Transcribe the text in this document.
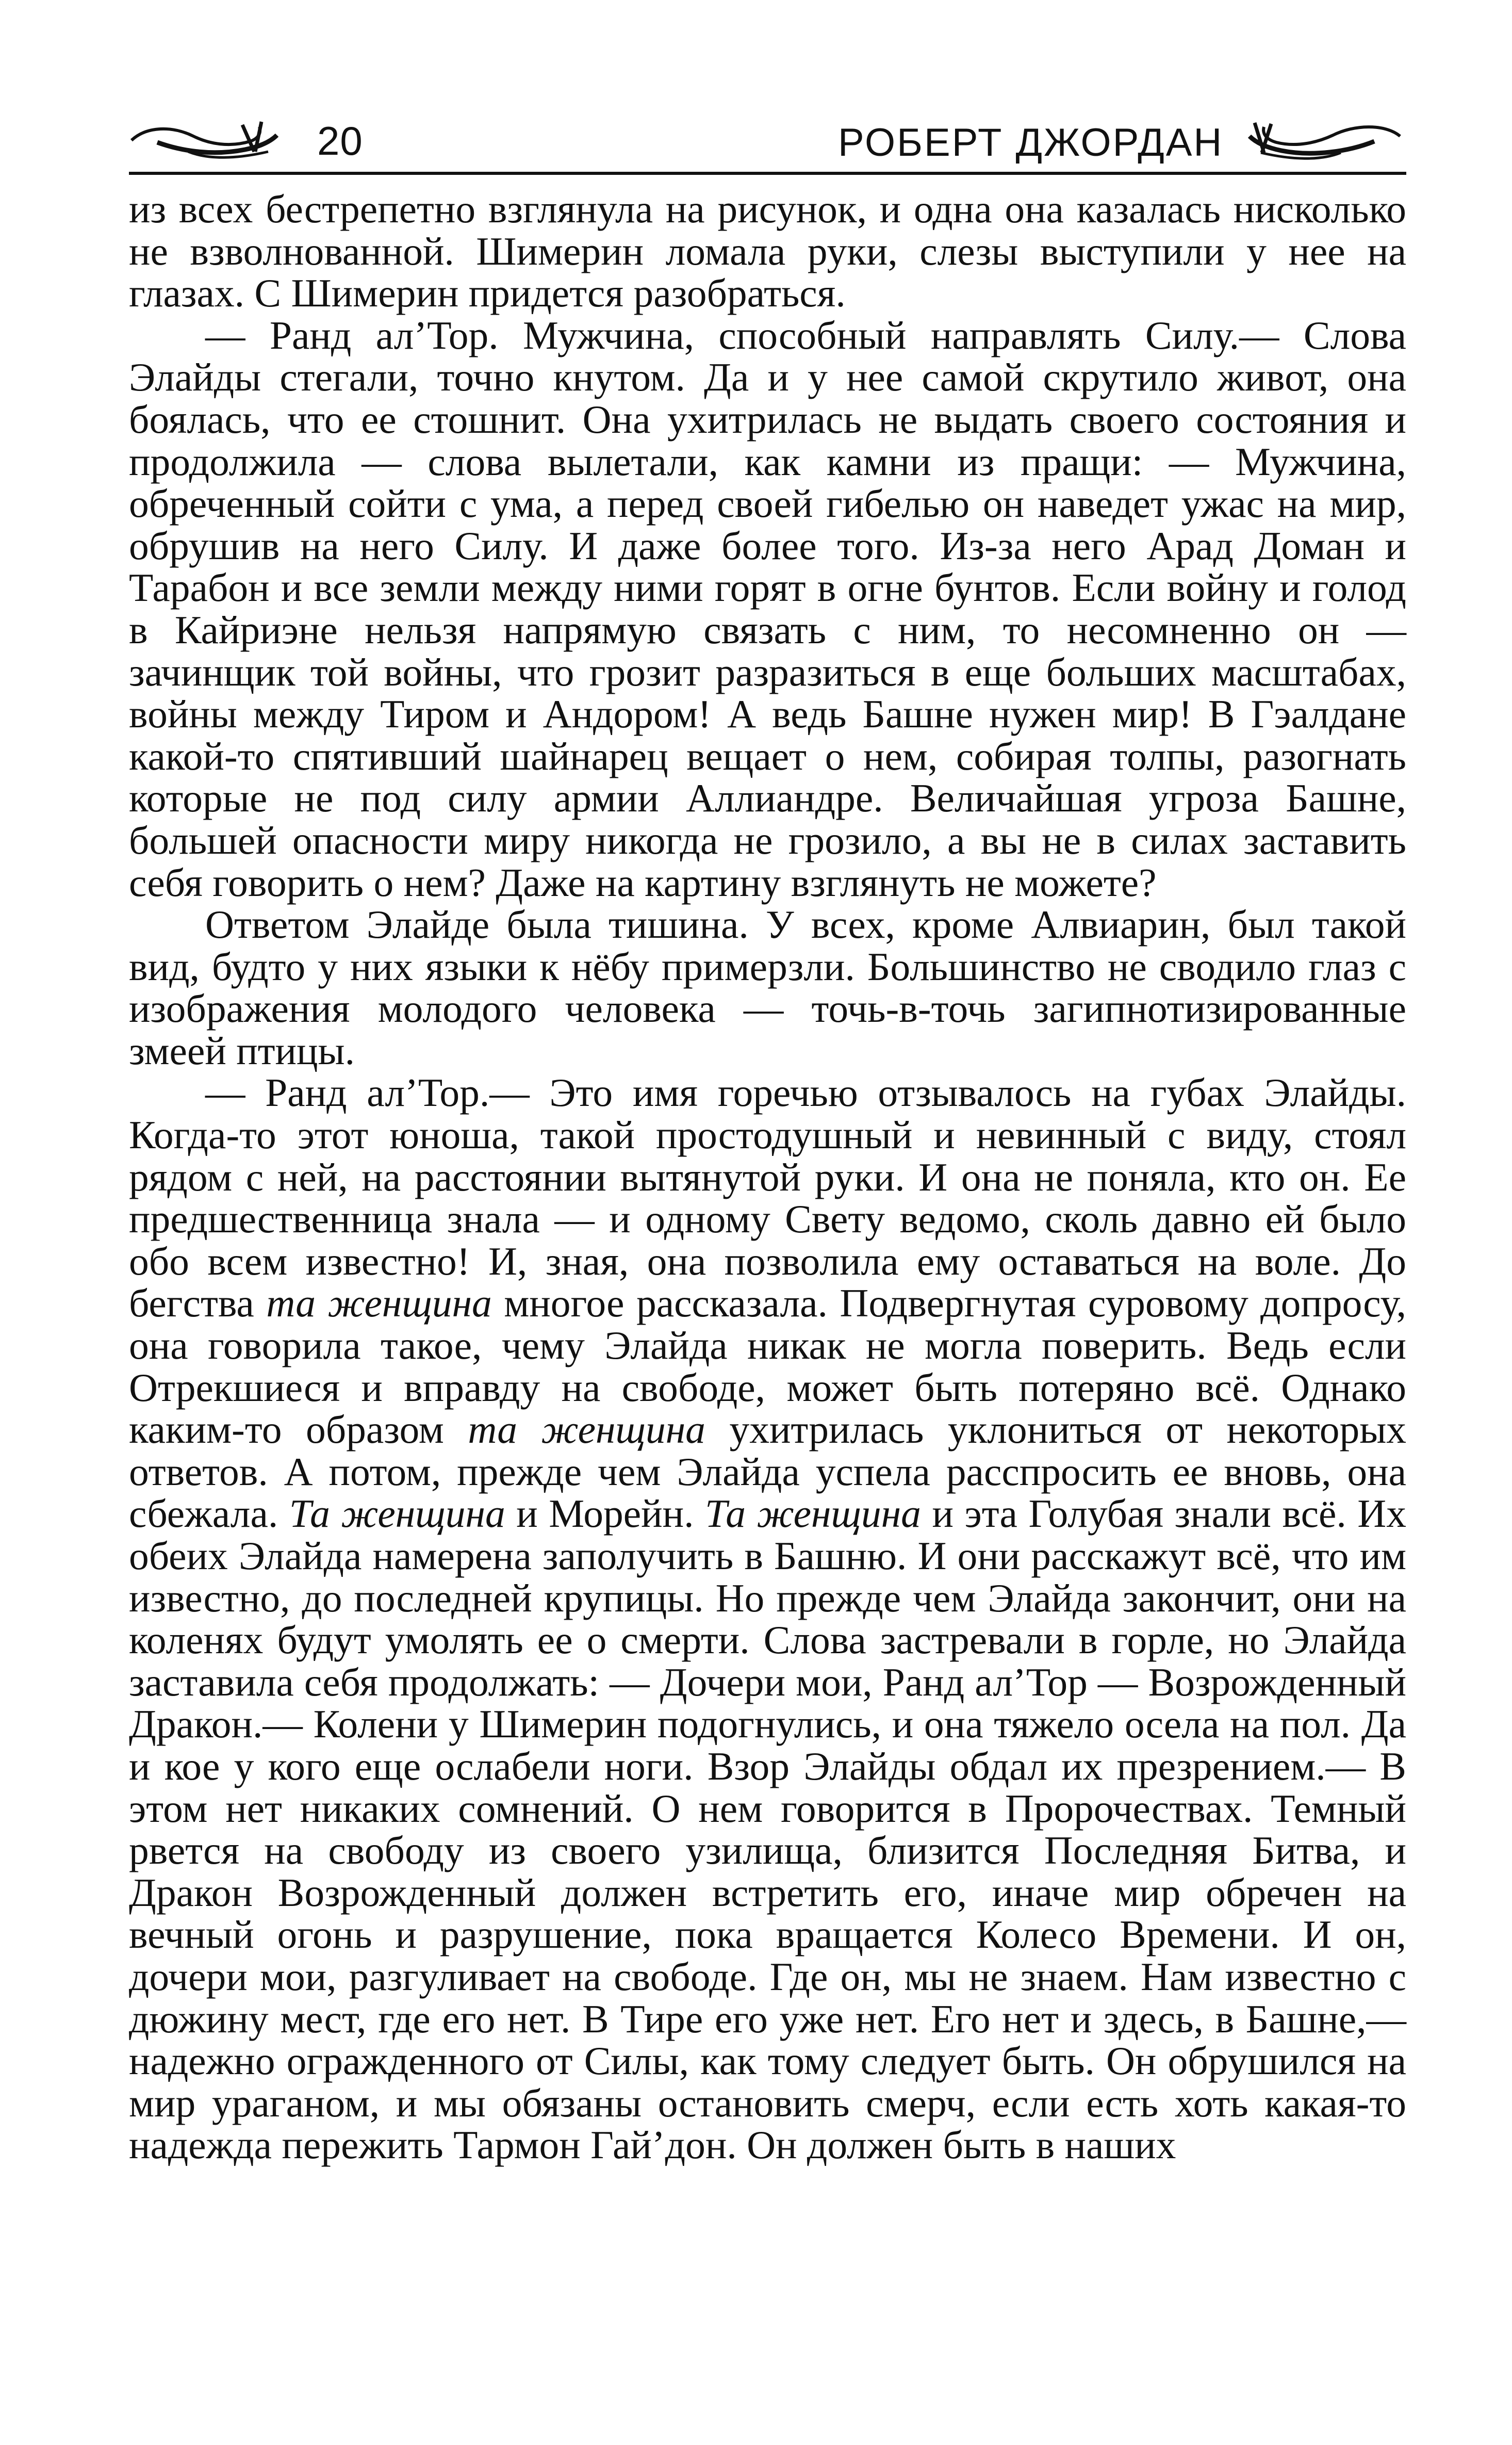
20	РОБЕРТ ДЖОРДАН

из всех бестрепетно взглянула на рисунок, и одна она казалась нисколько не взволнованной. Шимерин ломала руки, слезы выступили у нее на глазах. С Шимерин придется разобраться.

— Ранд ал’Тор. Мужчина, способный направлять Силу.— Слова Элайды стегали, точно кнутом. Да и у нее самой скрутило живот, она боялась, что ее стошнит. Она ухитрилась не выдать своего состояния и продолжила — слова вылетали, как камни из пращи: — Мужчина, обреченный сойти с ума, а перед своей гибелью он наведет ужас на мир, обрушив на него Силу. И даже более того. Из-за него Арад Доман и Тарабон и все земли между ними горят в огне бунтов. Если войну и голод в Кайриэне нельзя напрямую связать с ним, то несомненно он — зачинщик той войны, что грозит разразиться в еще больших масштабах, войны между Тиром и Андором! А ведь Башне нужен мир! В Гэалдане какой-то спятивший шайнарец вещает о нем, собирая толпы, разогнать которые не под силу армии Аллиандре. Величайшая угроза Башне, большей опасности миру никогда не грозило, а вы не в силах заставить себя говорить о нем? Даже на картину взглянуть не можете?

Ответом Элайде была тишина. У всех, кроме Алвиарин, был такой вид, будто у них языки к нёбу примерзли. Большинство не сводило глаз с изображения молодого человека — точь-в-точь загипнотизированные змеей птицы.

— Ранд ал’Тор.— Это имя горечью отзывалось на губах Элайды. Когда-то этот юноша, такой простодушный и невинный с виду, стоял рядом с ней, на расстоянии вытянутой руки. И она не поняла, кто он. Ее предшественница знала — и одному Свету ведомо, сколь давно ей было обо всем известно! И, зная, она позволила ему оставаться на воле. До бегства та женщина многое рассказала. Подвергнутая суровому допросу, она говорила такое, чему Элайда никак не могла поверить. Ведь если Отрекшиеся и вправду на свободе, может быть потеряно всё. Однако каким-то образом та женщина ухитрилась уклониться от некоторых ответов. А потом, прежде чем Элайда успела расспросить ее вновь, она сбежала. Та женщина и Морейн. Та женщина и эта Голубая знали всё. Их обеих Элайда намерена заполучить в Башню. И они расскажут всё, что им известно, до последней крупицы. Но прежде чем Элайда закончит, они на коленях будут умолять ее о смерти. Слова застревали в горле, но Элайда заставила себя продолжать: — Дочери мои, Ранд ал’Тор — Возрожденный Дракон.— Колени у Шимерин подогнулись, и она тяжело осела на пол. Да и кое у кого еще ослабели ноги. Взор Элайды обдал их презрением.— В этом нет никаких сомнений. О нем говорится в Пророчествах. Темный рвется на свободу из своего узилища, близится Последняя Битва, и Дракон Возрожденный должен встретить его, иначе мир обречен на вечный огонь и разрушение, пока вращается Колесо Времени. И он, дочери мои, разгуливает на свободе. Где он, мы не знаем. Нам известно с дюжину мест, где его нет. В Тире его уже нет. Его нет и здесь, в Башне,— надежно огражденного от Силы, как тому следует быть. Он обрушился на мир ураганом, и мы обязаны остановить смерч, если есть хоть какая-то надежда пережить Тармон Гай’дон. Он должен быть в наших
